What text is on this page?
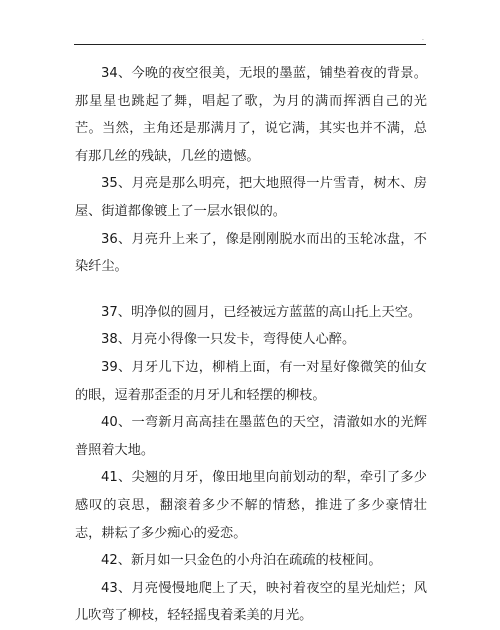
.

34、今晚的夜空很美，无垠的墨蓝，铺垫着夜的背景。那星星也跳起了舞，唱起了歌，为月的满而挥洒自己的光芒。当然，主角还是那满月了，说它满，其实也并不满，总有那几丝的残缺，几丝的遗憾。

35、月亮是那么明亮，把大地照得一片雪青，树木、房屋、街道都像镀上了一层水银似的。

36、月亮升上来了，像是刚刚脱水而出的玉轮冰盘，不染纤尘。

37、明净似的圆月，已经被远方蓝蓝的高山托上天空。

38、月亮小得像一只发卡，弯得使人心醉。

39、月牙儿下边，柳梢上面，有一对星好像微笑的仙女的眼，逗着那歪歪的月牙儿和轻摆的柳枝。

40、一弯新月高高挂在墨蓝色的天空，清澈如水的光辉普照着大地。

41、尖翘的月牙，像田地里向前划动的犁，牵引了多少感叹的哀思，翻滚着多少不解的情愁，推进了多少豪情壮志，耕耘了多少痴心的爱恋。

42、新月如一只金色的小舟泊在疏疏的枝桠间。

43、月亮慢慢地爬上了天，映衬着夜空的星光灿烂；风儿吹弯了柳枝，轻轻摇曳着柔美的月光。
